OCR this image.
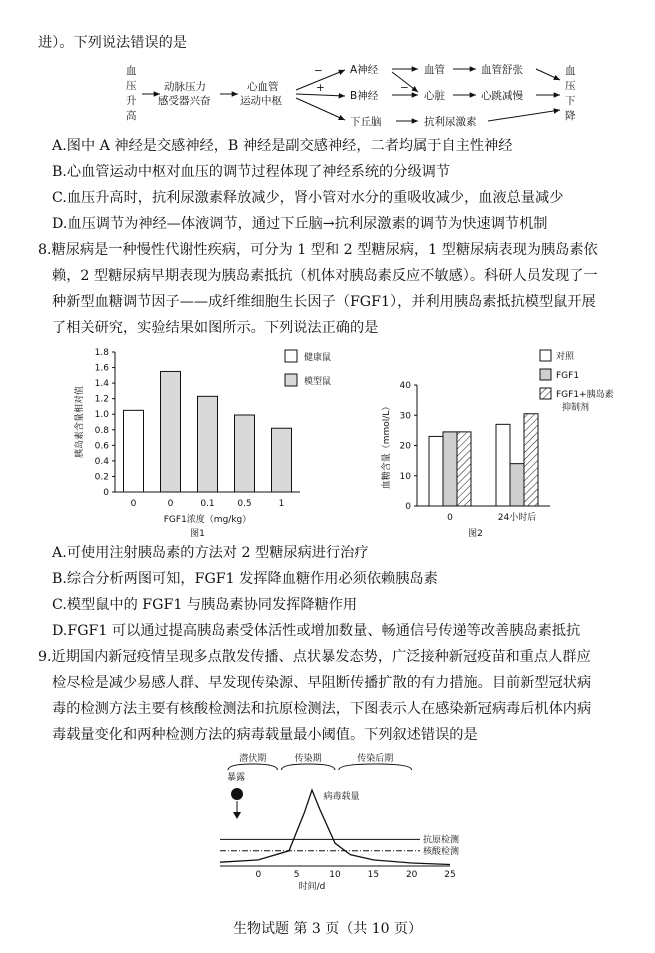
进）。下列说法错误的是
血
压
升
高
动脉压力
感受器兴奋
心血管
运动中枢
−
+
A神经
B神经
下丘脑
−
血管
心脏
抗利尿激素
血管舒张
心跳减慢
血
压
下
降
A.图中 A 神经是交感神经，B 神经是副交感神经，二者均属于自主性神经
B.心血管运动中枢对血压的调节过程体现了神经系统的分级调节
C.血压升高时，抗利尿激素释放减少，肾小管对水分的重吸收减少，血液总量减少
D.血压调节为神经—体液调节，通过下丘脑→抗利尿激素的调节为快速调节机制
8.糖尿病是一种慢性代谢性疾病，可分为 1 型和 2 型糖尿病，1 型糖尿病表现为胰岛素依
赖，2 型糖尿病早期表现为胰岛素抵抗（机体对胰岛素反应不敏感）。科研人员发现了一
种新型血糖调节因子——成纤维细胞生长因子（FGF1），并利用胰岛素抵抗模型鼠开展
了相关研究，实验结果如图所示。下列说法正确的是
0
0.2
0.4
0.6
0.8
1.0
1.2
1.4
1.6
1.8
0	0	0.1	0.5	1
FGF1浓度（mg/kg）
图1
胰岛素含量相对值
健康鼠
模型鼠
0
10
20
30
40
0	24小时后
图2
血糖含量（mmol/L）
对照
FGF1
FGF1+胰岛素
抑制剂
A.可使用注射胰岛素的方法对 2 型糖尿病进行治疗
B.综合分析两图可知，FGF1 发挥降血糖作用必须依赖胰岛素
C.模型鼠中的 FGF1 与胰岛素协同发挥降糖作用
D.FGF1 可以通过提高胰岛素受体活性或增加数量、畅通信号传递等改善胰岛素抵抗
9.近期国内新冠疫情呈现多点散发传播、点状暴发态势，广泛接种新冠疫苗和重点人群应
检尽检是减少易感人群、早发现传染源、早阻断传播扩散的有力措施。目前新型冠状病
毒的检测方法主要有核酸检测法和抗原检测法，下图表示人在感染新冠病毒后机体内病
毒载量变化和两种检测方法的病毒载量最小阈值。下列叙述错误的是
0	5	10	15	20	25
时间/d
抗原检测
核酸检测
病毒载量
潜伏期	传染期	传染后期
暴露
生物试题 第 3 页（共 10 页）
